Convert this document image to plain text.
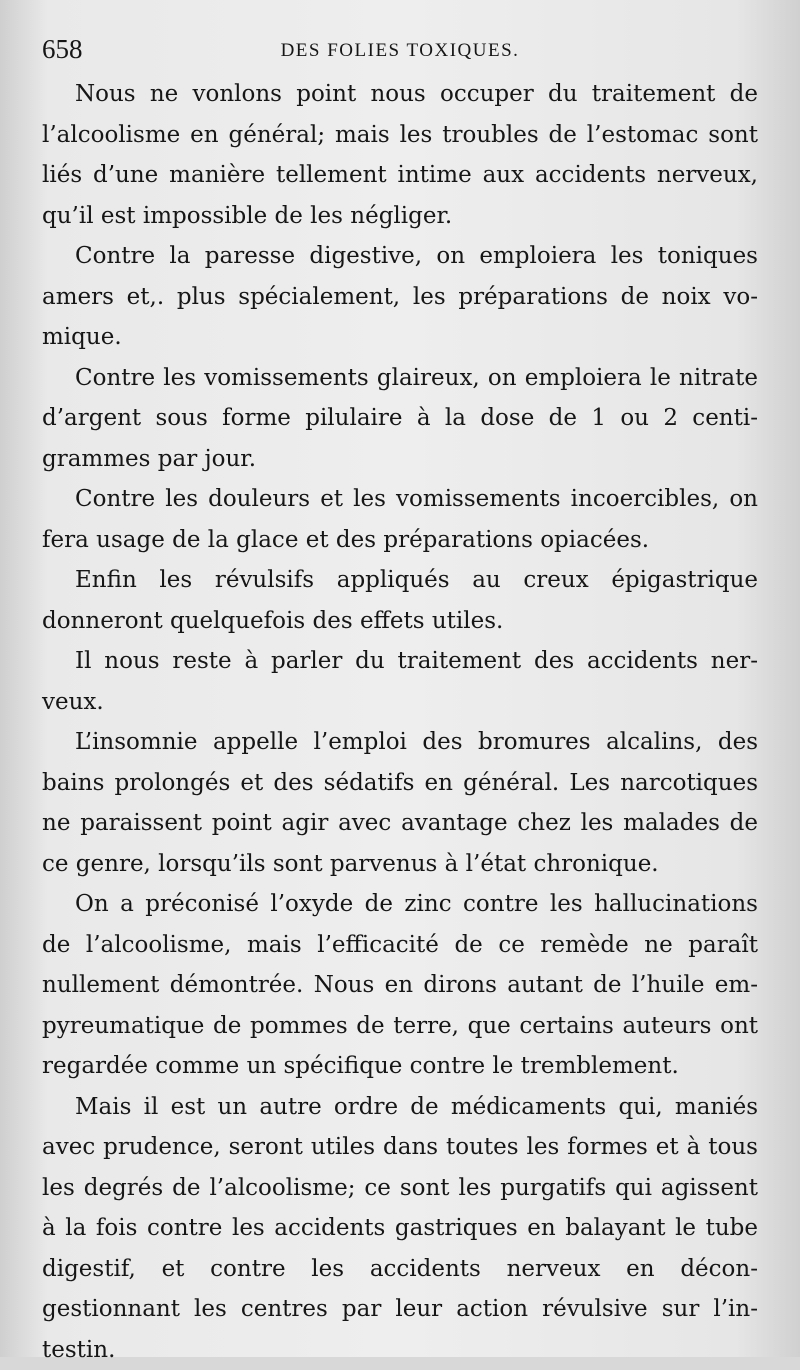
658	DES FOLIES TOXIQUES.

Nous ne vonlons point nous occuper du traitement de l’alcoolisme en général; mais les troubles de l’estomac sont liés d’une manière tellement intime aux accidents nerveux, qu’il est impossible de les négliger.

Contre la paresse digestive, on emploiera les toniques amers et,. plus spécialement, les préparations de noix vomique.

Contre les vomissements glaireux, on emploiera le nitrate d’argent sous forme pilulaire à la dose de 1 ou 2 centigrammes par jour.

Contre les douleurs et les vomissements incoercibles, on fera usage de la glace et des préparations opiacées.

Enfin les révulsifs appliqués au creux épigastrique donneront quelquefois des effets utiles.

Il nous reste à parler du traitement des accidents nerveux.

L’insomnie appelle l’emploi des bromures alcalins, des bains prolongés et des sédatifs en général. Les narcotiques ne paraissent point agir avec avantage chez les malades de ce genre, lorsqu’ils sont parvenus à l’état chronique.

On a préconisé l’oxyde de zinc contre les hallucinations de l’alcoolisme, mais l’efficacité de ce remède ne paraît nullement démontrée. Nous en dirons autant de l’huile empyreumatique de pommes de terre, que certains auteurs ont regardée comme un spécifique contre le tremblement.

Mais il est un autre ordre de médicaments qui, maniés avec prudence, seront utiles dans toutes les formes et à tous les degrés de l’alcoolisme; ce sont les purgatifs qui agissent à la fois contre les accidents gastriques en balayant le tube digestif, et contre les accidents nerveux en décongestionnant les centres par leur action révulsive sur l’intestin.
